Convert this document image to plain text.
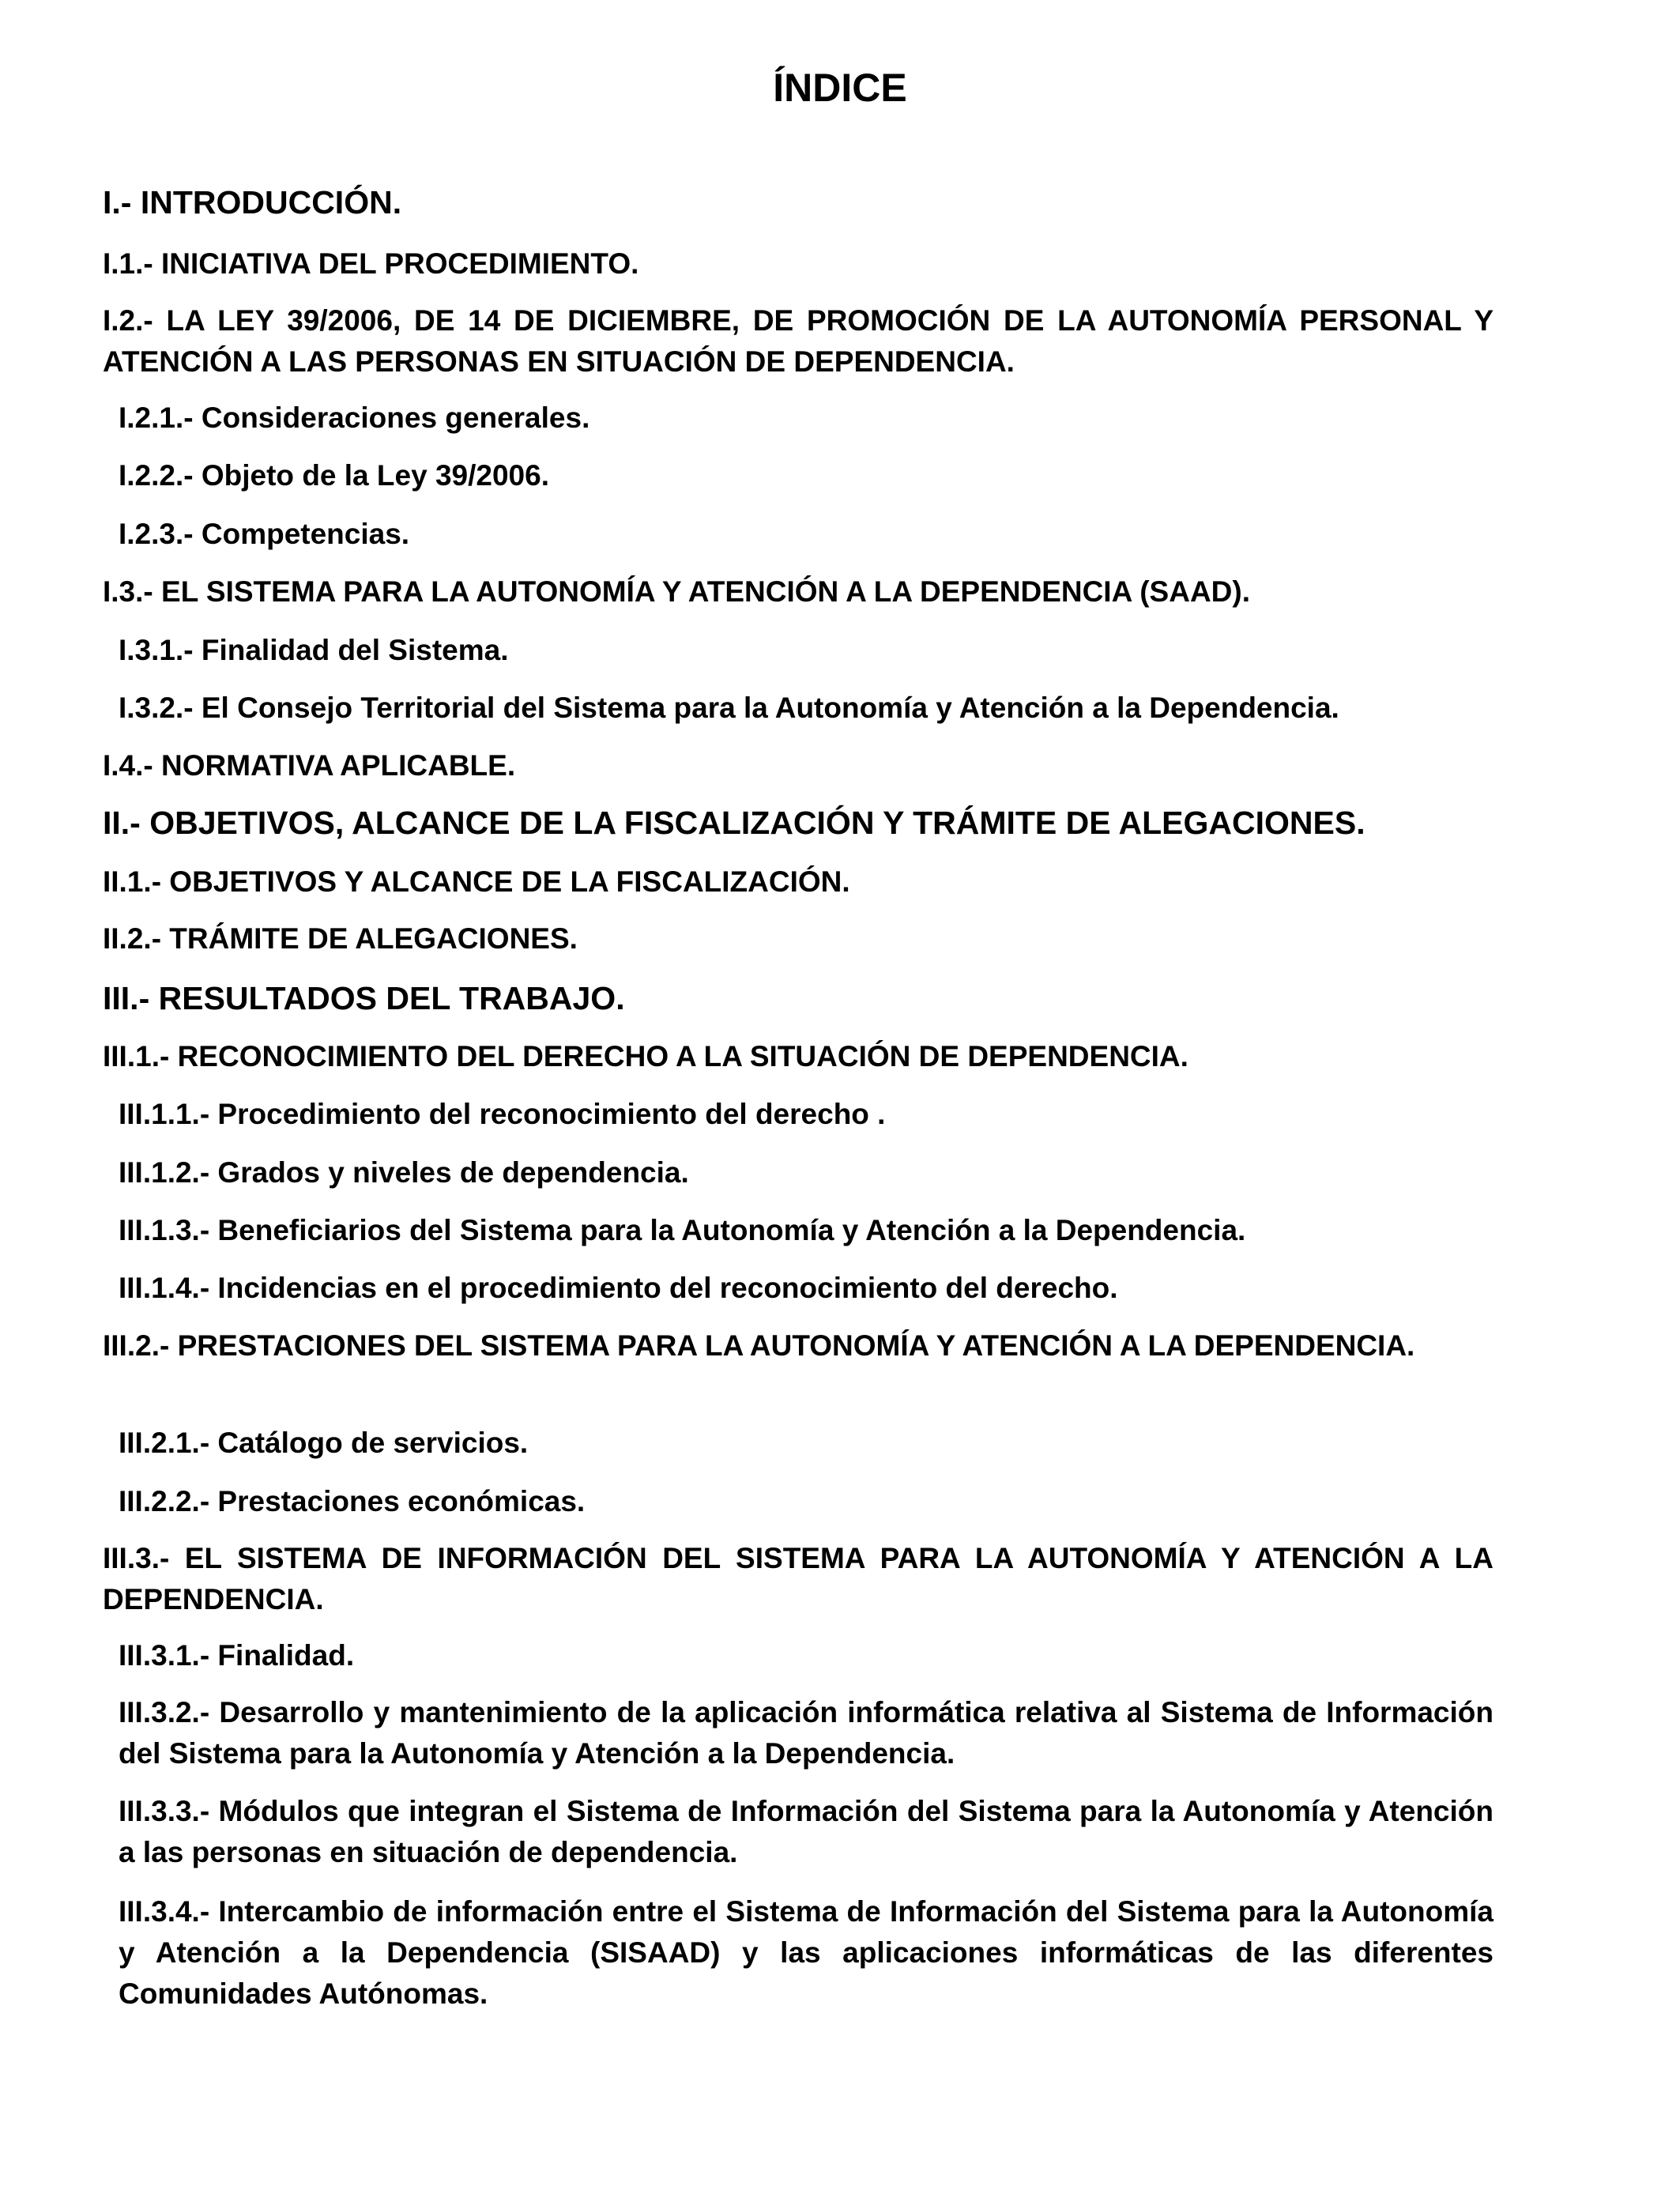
ÍNDICE

I.- INTRODUCCIÓN.

I.1.- INICIATIVA DEL PROCEDIMIENTO.

I.2.- LA LEY 39/2006, DE 14 DE DICIEMBRE, DE PROMOCIÓN DE LA AUTONOMÍA PERSONAL Y ATENCIÓN A LAS PERSONAS EN SITUACIÓN DE DEPENDENCIA.

I.2.1.- Consideraciones generales.

I.2.2.- Objeto de la Ley 39/2006.

I.2.3.- Competencias.

I.3.- EL SISTEMA PARA LA AUTONOMÍA Y ATENCIÓN A LA DEPENDENCIA (SAAD).

I.3.1.- Finalidad del Sistema.

I.3.2.- El Consejo Territorial del Sistema para la Autonomía y Atención a la Dependencia.

I.4.- NORMATIVA APLICABLE.

II.- OBJETIVOS, ALCANCE DE LA FISCALIZACIÓN Y TRÁMITE DE ALEGACIONES.

II.1.- OBJETIVOS Y ALCANCE DE LA FISCALIZACIÓN.

II.2.- TRÁMITE DE ALEGACIONES.

III.- RESULTADOS DEL TRABAJO.

III.1.- RECONOCIMIENTO DEL DERECHO A LA SITUACIÓN DE DEPENDENCIA.

III.1.1.- Procedimiento del reconocimiento del derecho .

III.1.2.- Grados y niveles de dependencia.

III.1.3.- Beneficiarios del Sistema para la Autonomía y Atención a la Dependencia.

III.1.4.- Incidencias en el procedimiento del reconocimiento del derecho.

III.2.- PRESTACIONES DEL SISTEMA PARA LA AUTONOMÍA Y ATENCIÓN A LA DEPENDENCIA.

III.2.1.- Catálogo de servicios.

III.2.2.- Prestaciones económicas.

III.3.- EL SISTEMA DE INFORMACIÓN DEL SISTEMA PARA LA AUTONOMÍA Y ATENCIÓN A LA DEPENDENCIA.

III.3.1.- Finalidad.

III.3.2.- Desarrollo y mantenimiento de la aplicación informática relativa al Sistema de Información del Sistema para la Autonomía y Atención a la Dependencia.

III.3.3.- Módulos que integran el Sistema de Información del Sistema para la Autonomía y Atención a las personas en situación de dependencia.

III.3.4.- Intercambio de información entre el Sistema de Información del Sistema para la Autonomía y Atención a la Dependencia (SISAAD) y las aplicaciones informáticas de las diferentes Comunidades Autónomas.
